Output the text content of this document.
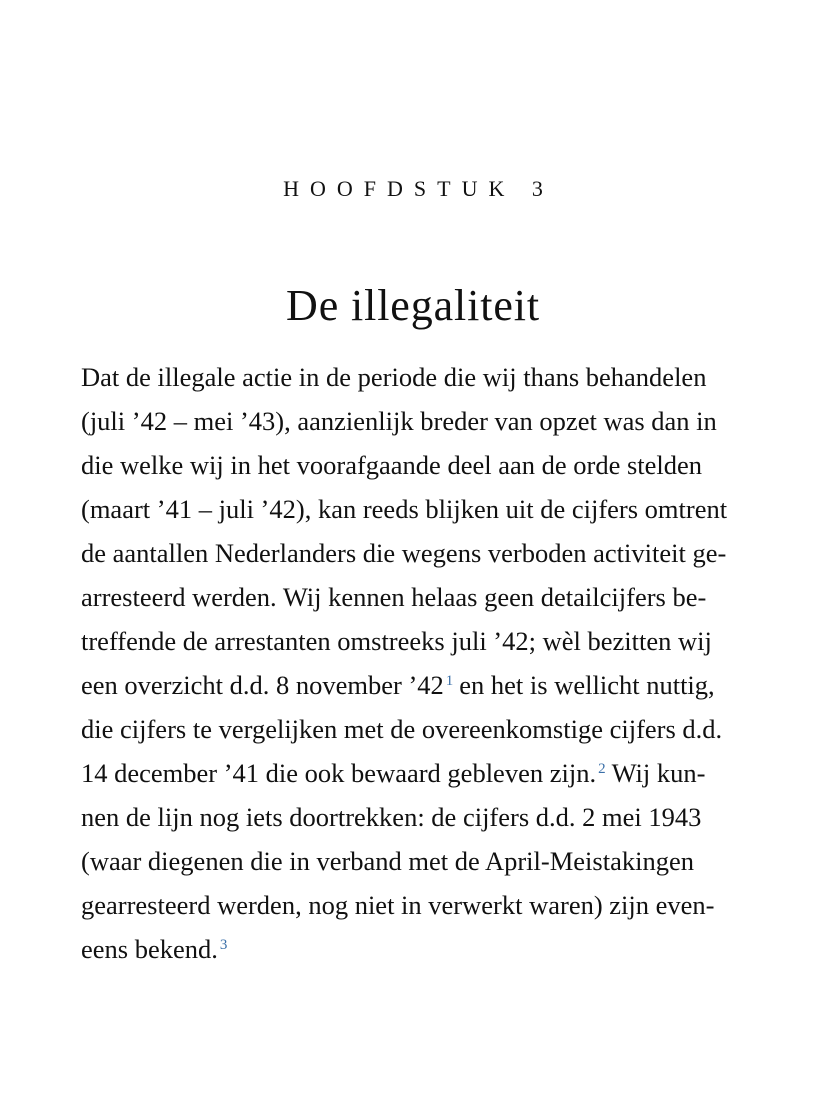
HOOFDSTUK 3
De illegaliteit
Dat de illegale actie in de periode die wij thans behandelen
(juli ’42 – mei ’43), aanzienlijk breder van opzet was dan in
die welke wij in het voorafgaande deel aan de orde stelden
(maart ’41 – juli ’42), kan reeds blijken uit de cijfers omtrent
de aantallen Nederlanders die wegens verboden activiteit ge-
arresteerd werden. Wij kennen helaas geen detailcijfers be-
treffende de arrestanten omstreeks juli ’42; wèl bezitten wij
een overzicht d.d. 8 november ’42 $^1$ en het is wellicht nuttig,
die cijfers te vergelijken met de overeenkomstige cijfers d.d.
14 december ’41 die ook bewaard gebleven zijn. $^2$ Wij kun-
nen de lijn nog iets doortrekken: de cijfers d.d. 2 mei 1943
(waar diegenen die in verband met de April-Meistakingen
gearresteerd werden, nog niet in verwerkt waren) zijn even-
eens bekend. $^3$
